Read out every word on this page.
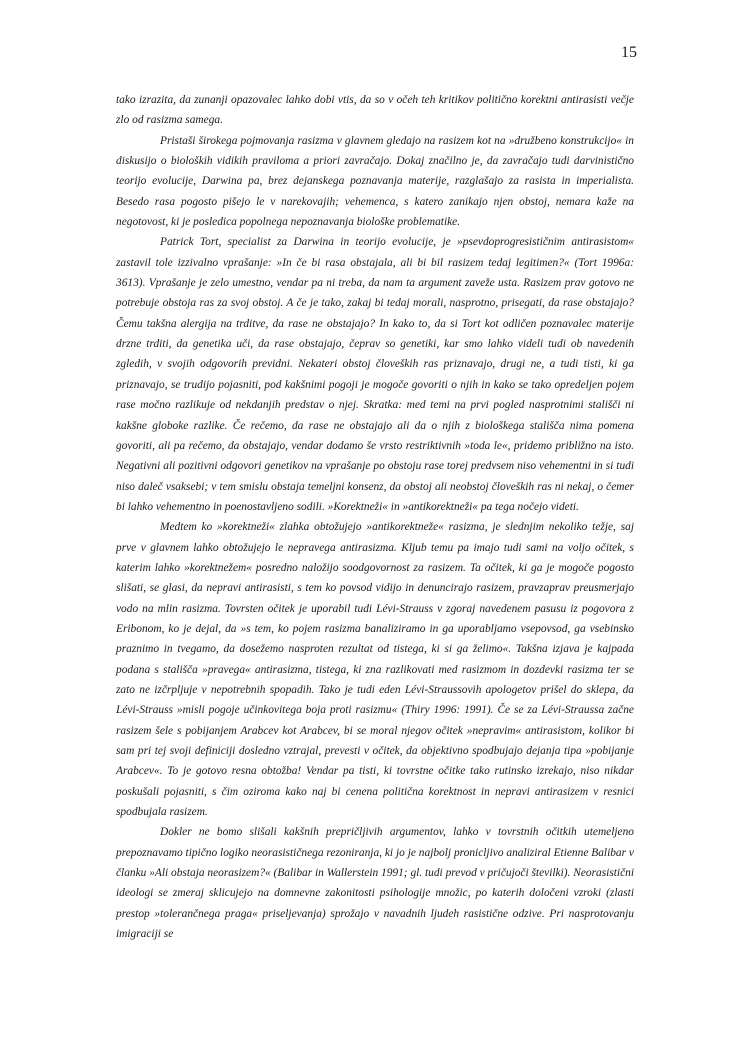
15

tako izrazita, da zunanji opazovalec lahko dobi vtis, da so v očeh teh kritikov politično korektni antirasisti večje zlo od rasizma samega.

Pristaši širokega pojmovanja rasizma v glavnem gledajo na rasizem kot na »družbeno konstrukcijo« in diskusijo o bioloških vidikih praviloma a priori zavračajo. Dokaj značilno je, da zavračajo tudi darvinistično teorijo evolucije, Darwina pa, brez dejanskega poznavanja materije, razglašajo za rasista in imperialista. Besedo rasa pogosto pišejo le v narekovajih; vehemenca, s katero zanikajo njen obstoj, nemara kaže na negotovost, ki je posledica popolnega nepoznavanja biološke problematike.

Patrick Tort, specialist za Darwina in teorijo evolucije, je »psevdoprogresističnim antirasistom« zastavil tole izzivalno vprašanje: »In če bi rasa obstajala, ali bi bil rasizem tedaj legitimen?« (Tort 1996a: 3613). Vprašanje je zelo umestno, vendar pa ni treba, da nam ta argument zaveže usta. Rasizem prav gotovo ne potrebuje obstoja ras za svoj obstoj. A če je tako, zakaj bi tedaj morali, nasprotno, prisegati, da rase obstajajo? Čemu takšna alergija na trditve, da rase ne obstajajo? In kako to, da si Tort kot odličen poznavalec materije drzne trditi, da genetika uči, da rase obstajajo, čeprav so genetiki, kar smo lahko videli tudi ob navedenih zgledih, v svojih odgovorih previdni. Nekateri obstoj človeških ras priznavajo, drugi ne, a tudi tisti, ki ga priznavajo, se trudijo pojasniti, pod kakšnimi pogoji je mogoče govoriti o njih in kako se tako opredeljen pojem rase močno razlikuje od nekdanjih predstav o njej. Skratka: med temi na prvi pogled nasprotnimi stališči ni kakšne globoke razlike. Če rečemo, da rase ne obstajajo ali da o njih z biološkega stališča nima pomena govoriti, ali pa rečemo, da obstajajo, vendar dodamo še vrsto restriktivnih »toda le«, pridemo približno na isto. Negativni ali pozitivni odgovori genetikov na vprašanje po obstoju rase torej predvsem niso vehementni in si tudi niso daleč vsaksebi; v tem smislu obstaja temeljni konsenz, da obstoj ali neobstoj človeških ras ni nekaj, o čemer bi lahko vehementno in poenostavljeno sodili. »Korektneži« in »antikorektneži« pa tega nočejo videti.

Medtem ko »korektneži« zlahka obtožujejo »antikorektneže« rasizma, je slednjim nekoliko težje, saj prve v glavnem lahko obtožujejo le nepravega antirasizma. Kljub temu pa imajo tudi sami na voljo očitek, s katerim lahko »korektnežem« posredno naložijo soodgovornost za rasizem. Ta očitek, ki ga je mogoče pogosto slišati, se glasi, da nepravi antirasisti, s tem ko povsod vidijo in denuncirajo rasizem, pravzaprav preusmerjajo vodo na mlin rasizma. Tovrsten očitek je uporabil tudi Lévi-Strauss v zgoraj navedenem pasusu iz pogovora z Eribonom, ko je dejal, da »s tem, ko pojem rasizma banaliziramo in ga uporabljamo vsepovsod, ga vsebinsko praznimo in tvegamo, da dosežemo nasproten rezultat od tistega, ki si ga želimo«. Takšna izjava je kajpada podana s stališča »pravega« antirasizma, tistega, ki zna razlikovati med rasizmom in dozdevki rasizma ter se zato ne izčrpljuje v nepotrebnih spopadih. Tako je tudi eden Lévi-Straussovih apologetov prišel do sklepa, da Lévi-Strauss »misli pogoje učinkovitega boja proti rasizmu« (Thiry 1996: 1991). Če se za Lévi-Straussa začne rasizem šele s pobijanjem Arabcev kot Arabcev, bi se moral njegov očitek »nepravim« antirasistom, kolikor bi sam pri tej svoji definiciji dosledno vztrajal, prevesti v očitek, da objektivno spodbujajo dejanja tipa »pobijanje Arabcev«. To je gotovo resna obtožba! Vendar pa tisti, ki tovrstne očitke tako rutinsko izrekajo, niso nikdar poskušali pojasniti, s čim oziroma kako naj bi cenena politična korektnost in nepravi antirasizem v resnici spodbujala rasizem.

Dokler ne bomo slišali kakšnih prepričljivih argumentov, lahko v tovrstnih očitkih utemeljeno prepoznavamo tipično logiko neorasističnega rezoniranja, ki jo je najbolj pronicljivo analiziral Etienne Balibar v članku »Ali obstaja neorasizem?« (Balibar in Wallerstein 1991; gl. tudi prevod v pričujoči številki). Neorasistični ideologi se zmeraj sklicujejo na domnevne zakonitosti psihologije množic, po katerih določeni vzroki (zlasti prestop »tolerančnega praga« priseljevanja) sprožajo v navadnih ljudeh rasistične odzive. Pri nasprotovanju imigraciji se
